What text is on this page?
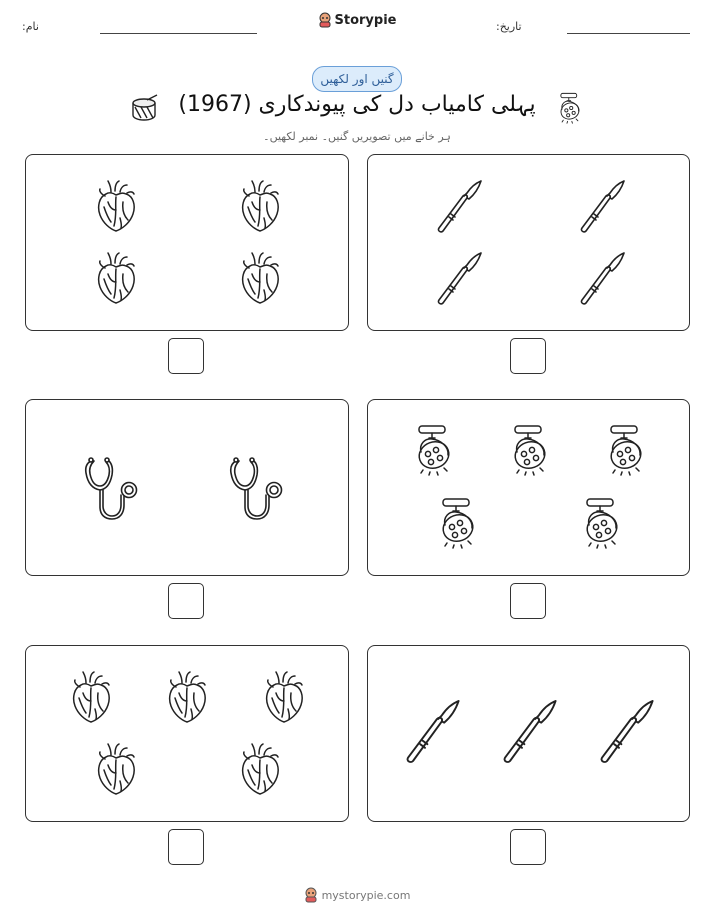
نام:	Storypie	تاریخ:
گنیں اور لکھیں
پہلی کامیاب دل کی پیوندکاری (1967)
ہر خانے میں تصویریں گنیں۔ نمبر لکھیں۔
mystorypie.com
